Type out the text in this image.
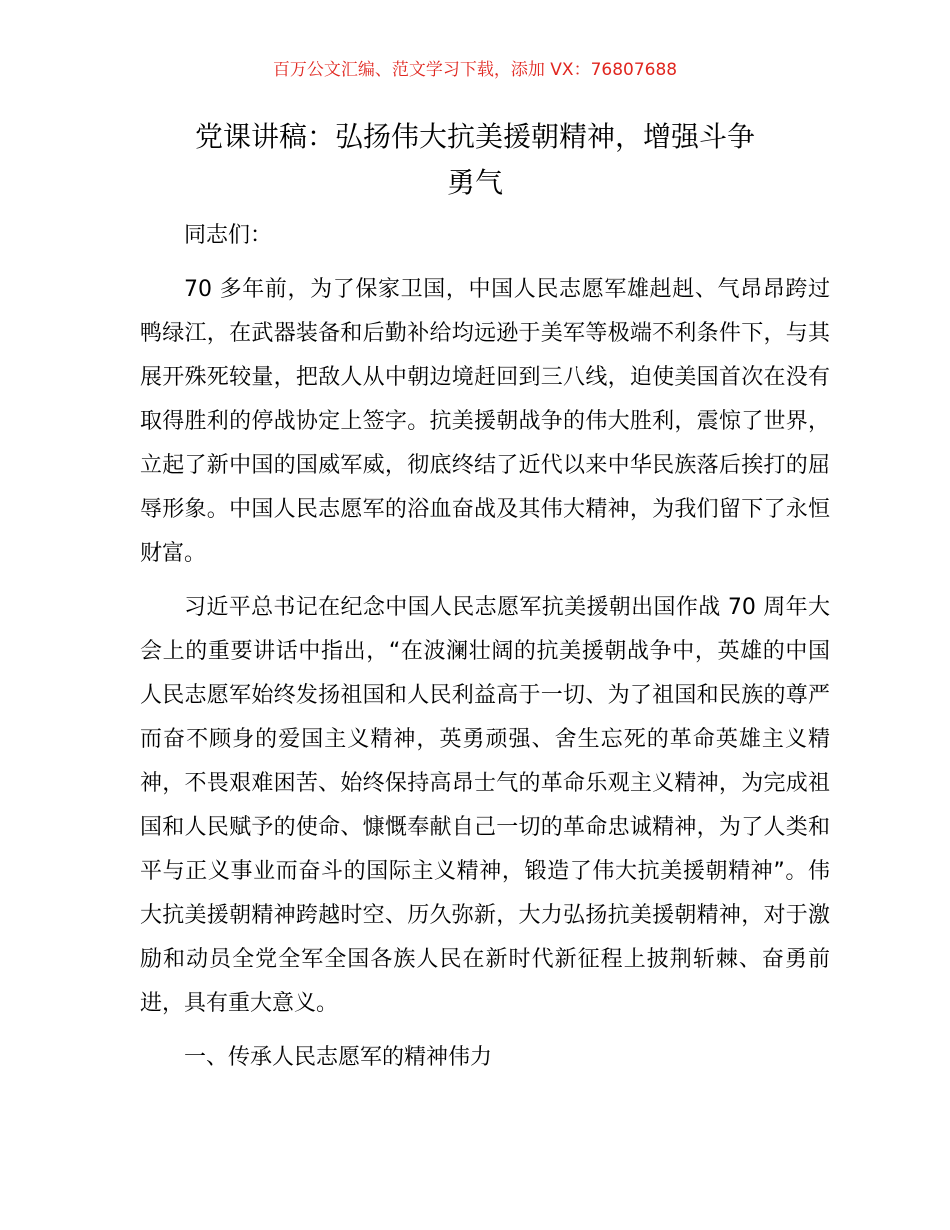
百万公文汇编、范文学习下载，添加 VX：76807688
党课讲稿：弘扬伟大抗美援朝精神，增强斗争
勇气

同志们：

70 多年前，为了保家卫国，中国人民志愿军雄赳赳、气昂昂跨过鸭绿江，在武器装备和后勤补给均远逊于美军等极端不利条件下，与其展开殊死较量，把敌人从中朝边境赶回到三八线，迫使美国首次在没有取得胜利的停战协定上签字。抗美援朝战争的伟大胜利，震惊了世界，立起了新中国的国威军威，彻底终结了近代以来中华民族落后挨打的屈辱形象。中国人民志愿军的浴血奋战及其伟大精神，为我们留下了永恒财富。

习近平总书记在纪念中国人民志愿军抗美援朝出国作战 70 周年大会上的重要讲话中指出，“在波澜壮阔的抗美援朝战争中，英雄的中国人民志愿军始终发扬祖国和人民利益高于一切、为了祖国和民族的尊严而奋不顾身的爱国主义精神，英勇顽强、舍生忘死的革命英雄主义精神，不畏艰难困苦、始终保持高昂士气的革命乐观主义精神，为完成祖国和人民赋予的使命、慷慨奉献自己一切的革命忠诚精神，为了人类和平与正义事业而奋斗的国际主义精神，锻造了伟大抗美援朝精神”。伟大抗美援朝精神跨越时空、历久弥新，大力弘扬抗美援朝精神，对于激励和动员全党全军全国各族人民在新时代新征程上披荆斩棘、奋勇前进，具有重大意义。

一、传承人民志愿军的精神伟力
